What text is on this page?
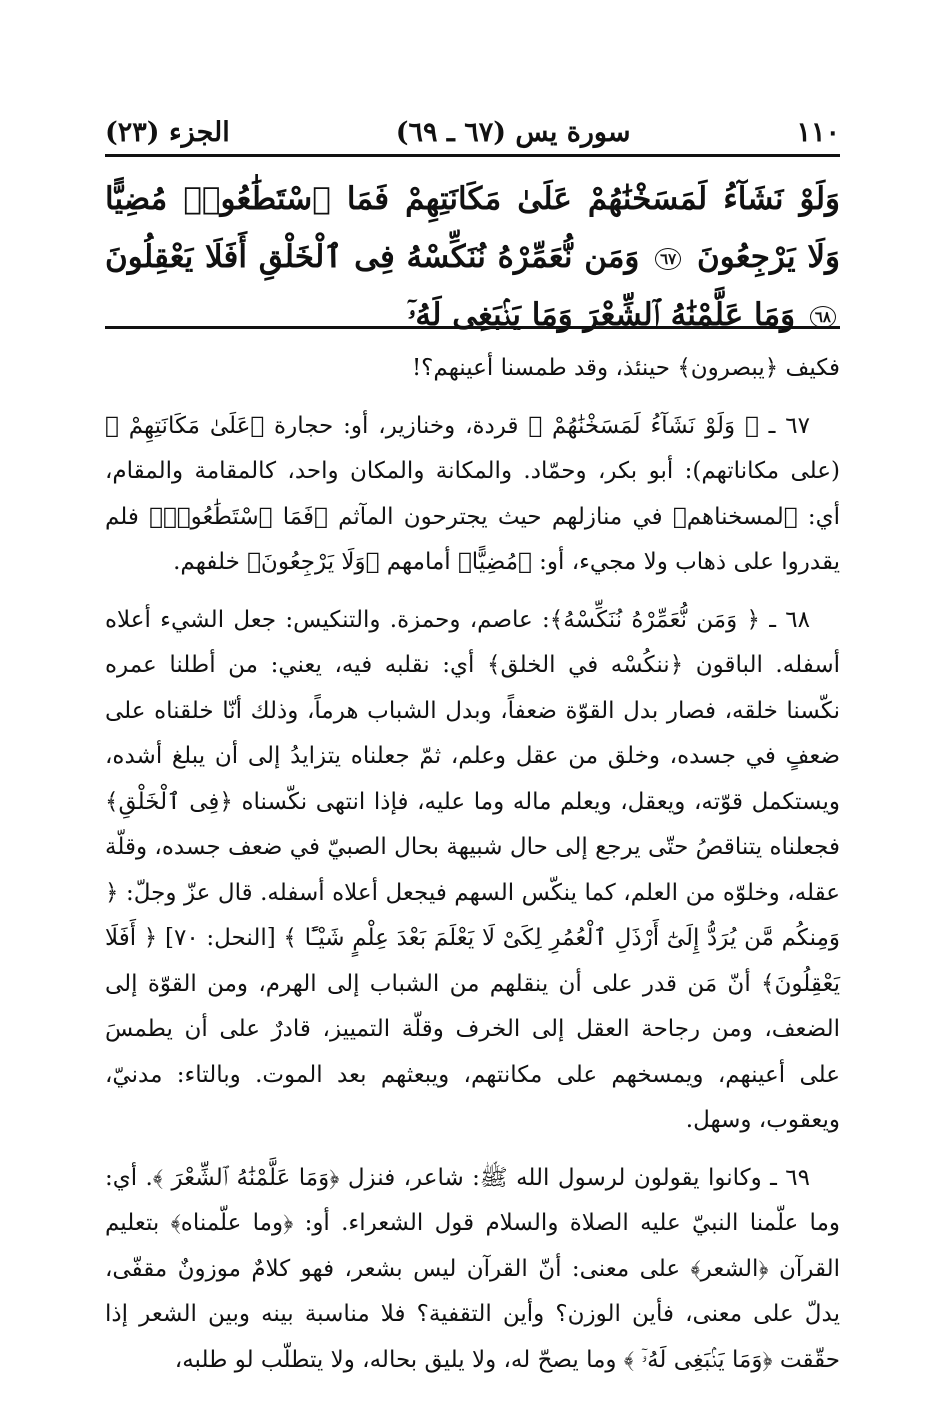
١١٠
سورة يس (٦٧ ـ ٦٩)
الجزء (٢٣)
وَلَوْ نَشَآءُ لَمَسَخْنَٰهُمْ عَلَىٰ مَكَانَتِهِمْ فَمَا ٱسْتَطَٰعُوا۟ مُضِيًّا وَلَا يَرْجِعُونَ ٦٧ وَمَن نُّعَمِّرْهُ نُنَكِّسْهُ فِى ٱلْخَلْقِ أَفَلَا يَعْقِلُونَ ٦٨ وَمَا عَلَّمْنَٰهُ ٱلشِّعْرَ وَمَا يَنۢبَغِى لَهُۥٓ

فكيف ﴿يبصرون﴾ حينئذ، وقد طمسنا أعينهم؟!

٦٧ ـ ﴿ وَلَوْ نَشَآءُ لَمَسَخْنَٰهُمْ ﴾ قردة، وخنازير، أو: حجارة ﴿عَلَىٰ مَكَانَتِهِمْ ﴾ (على مكاناتهم): أبو بكر، وحمّاد. والمكانة والمكان واحد، كالمقامة والمقام، أي: ﴿لمسخناهم﴾ في منازلهم حيث يجترحون المآثم ﴿فَمَا ٱسْتَطَٰعُوا۟﴾ فلم يقدروا على ذهاب ولا مجيء، أو: ﴿مُضِيًّا﴾ أمامهم ﴿وَلَا يَرْجِعُونَ﴾ خلفهم.

٦٨ ـ ﴿ وَمَن نُّعَمِّرْهُ نُنَكِّسْهُ﴾: عاصم، وحمزة. والتنكيس: جعل الشيء أعلاه أسفله. الباقون ﴿ننكُسْه في الخلق﴾ أي: نقلبه فيه، يعني: من أطلنا عمره نكّسنا خلقه، فصار بدل القوّة ضعفاً، وبدل الشباب هرماً، وذلك أنّا خلقناه على ضعفٍ في جسده، وخلق من عقل وعلم، ثمّ جعلناه يتزايدُ إلى أن يبلغ أشده، ويستكمل قوّته، ويعقل، ويعلم ماله وما عليه، فإذا انتهى نكّسناه ﴿فِى ٱلْخَلْقِ﴾ فجعلناه يتناقصُ حتّى يرجع إلى حال شبيهة بحال الصبيّ في ضعف جسده، وقلّة عقله، وخلوّه من العلم، كما ينكّس السهم فيجعل أعلاه أسفله. قال عزّ وجلّ: ﴿ وَمِنكُم مَّن يُرَدُّ إِلَىٰٓ أَرْذَلِ ٱلْعُمُرِ لِكَىْ لَا يَعْلَمَ بَعْدَ عِلْمٍ شَيْـًٔا ﴾ [النحل: ٧٠] ﴿ أَفَلَا يَعْقِلُونَ﴾ أنّ مَن قدر على أن ينقلهم من الشباب إلى الهرم، ومن القوّة إلى الضعف، ومن رجاحة العقل إلى الخرف وقلّة التمييز، قادرٌ على أن يطمسَ على أعينهم، ويمسخهم على مكانتهم، ويبعثهم بعد الموت. وبالتاء: مدنيّ، ويعقوب، وسهل.

٦٩ ـ وكانوا يقولون لرسول الله ﷺ: شاعر، فنزل ﴿وَمَا عَلَّمْنَٰهُ ٱلشِّعْرَ ﴾. أي: وما علّمنا النبيّ عليه الصلاة والسلام قول الشعراء. أو: ﴿وما علّمناه﴾ بتعليم القرآن ﴿الشعر﴾ على معنى: أنّ القرآن ليس بشعر، فهو كلامٌ موزونٌ مقفّى، يدلّ على معنى، فأين الوزن؟ وأين التقفية؟ فلا مناسبة بينه وبين الشعر إذا حقّقت ﴿وَمَا يَنۢبَغِى لَهُۥٓ ﴾ وما يصحّ له، ولا يليق بحاله، ولا يتطلّب لو طلبه،
